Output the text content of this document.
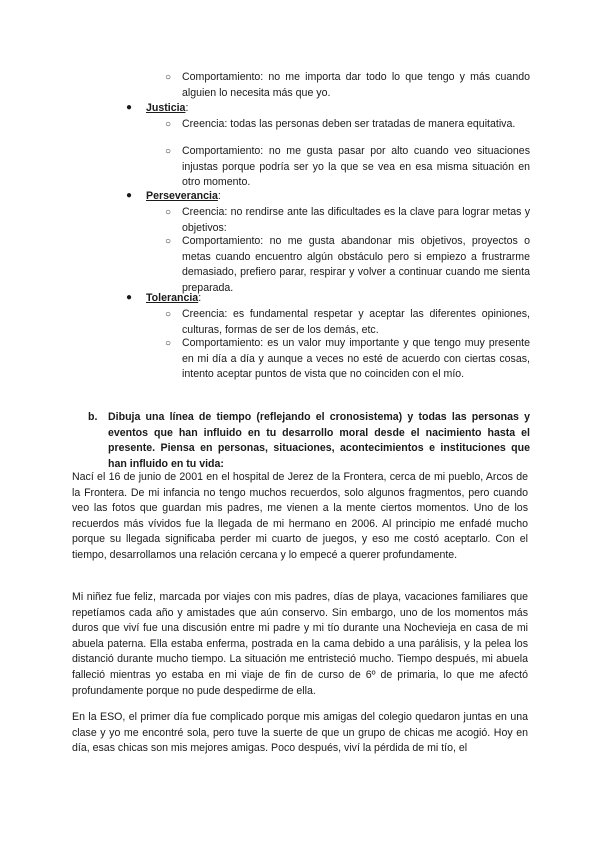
○ Comportamiento: no me importa dar todo lo que tengo y más cuando alguien lo necesita más que yo.
● Justicia:
○ Creencia: todas las personas deben ser tratadas de manera equitativa.
○ Comportamiento: no me gusta pasar por alto cuando veo situaciones injustas porque podría ser yo la que se vea en esa misma situación en otro momento.
● Perseverancia:
○ Creencia: no rendirse ante las dificultades es la clave para lograr metas y objetivos:
○ Comportamiento: no me gusta abandonar mis objetivos, proyectos o metas cuando encuentro algún obstáculo pero si empiezo a frustrarme demasiado, prefiero parar, respirar y volver a continuar cuando me sienta preparada.
● Tolerancia:
○ Creencia: es fundamental respetar y aceptar las diferentes opiniones, culturas, formas de ser de los demás, etc.
○ Comportamiento: es un valor muy importante y que tengo muy presente en mi día a día y aunque a veces no esté de acuerdo con ciertas cosas, intento aceptar puntos de vista que no coinciden con el mío.
b. Dibuja una línea de tiempo (reflejando el cronosistema) y todas las personas y eventos que han influido en tu desarrollo moral desde el nacimiento hasta el presente. Piensa en personas, situaciones, acontecimientos e instituciones que han influido en tu vida:
Nací el 16 de junio de 2001 en el hospital de Jerez de la Frontera, cerca de mi pueblo, Arcos de la Frontera. De mi infancia no tengo muchos recuerdos, solo algunos fragmentos, pero cuando veo las fotos que guardan mis padres, me vienen a la mente ciertos momentos. Uno de los recuerdos más vívidos fue la llegada de mi hermano en 2006. Al principio me enfadé mucho porque su llegada significaba perder mi cuarto de juegos, y eso me costó aceptarlo. Con el tiempo, desarrollamos una relación cercana y lo empecé a querer profundamente.
Mi niñez fue feliz, marcada por viajes con mis padres, días de playa, vacaciones familiares que repetíamos cada año y amistades que aún conservo. Sin embargo, uno de los momentos más duros que viví fue una discusión entre mi padre y mi tío durante una Nochevieja en casa de mi abuela paterna. Ella estaba enferma, postrada en la cama debido a una parálisis, y la pelea los distanció durante mucho tiempo. La situación me entristeció mucho. Tiempo después, mi abuela falleció mientras yo estaba en mi viaje de fin de curso de 6º de primaria, lo que me afectó profundamente porque no pude despedirme de ella.
En la ESO, el primer día fue complicado porque mis amigas del colegio quedaron juntas en una clase y yo me encontré sola, pero tuve la suerte de que un grupo de chicas me acogió. Hoy en día, esas chicas son mis mejores amigas. Poco después, viví la pérdida de mi tío, el
